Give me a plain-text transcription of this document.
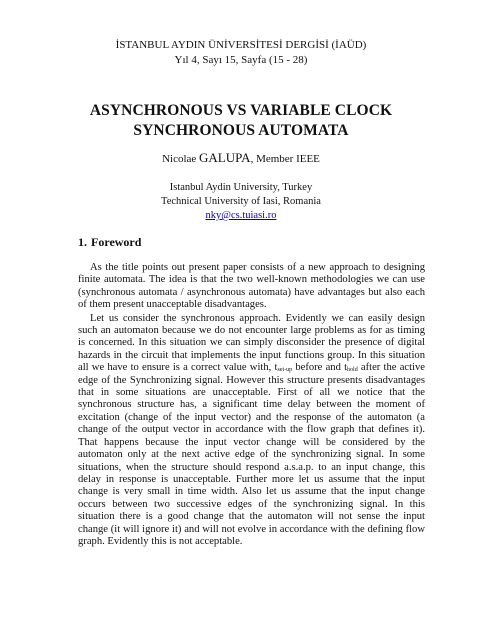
İSTANBUL AYDIN ÜNİVERSİTESİ DERGİSİ (İAÜD)
Yıl 4, Sayı 15, Sayfa (15 - 28)
ASYNCHRONOUS VS VARIABLE CLOCK
SYNCHRONOUS AUTOMATA
Nicolae GALUPA, Member IEEE
Istanbul Aydin University, Turkey
Technical University of Iasi, Romania
nky@cs.tuiasi.ro
1. Foreword

As the title points out present paper consists of a new approach to designing finite automata. The idea is that the two well-known methodologies we can use (synchronous automata / asynchronous automata) have advantages but also each of them present unacceptable disadvantages.

Let us consider the synchronous approach. Evidently we can easily design such an automaton because we do not encounter large problems as for as timing is concerned. In this situation we can simply disconsider the presence of digital hazards in the circuit that implements the input functions group. In this situation all we have to ensure is a correct value with, $t_{set-up}$ before and $t_{hold}$ after the active edge of the Synchronizing signal. However this structure presents disadvantages that in some situations are unacceptable. First of all we notice that the synchronous structure has, a significant time delay between the moment of excitation (change of the input vector) and the response of the automaton (a change of the output vector in accordance with the flow graph that defines it). That happens because the input vector change will be considered by the automaton only at the next active edge of the synchronizing signal. In some situations, when the structure should respond a.s.a.p. to an input change, this delay in response is unacceptable. Further more let us assume that the input change is very small in time width. Also let us assume that the input change occurs between two successive edges of the synchronizing signal. In this situation there is a good change that the automaton will not sense the input change (it will ignore it) and will not evolve in accordance with the defining flow graph. Evidently this is not acceptable.
